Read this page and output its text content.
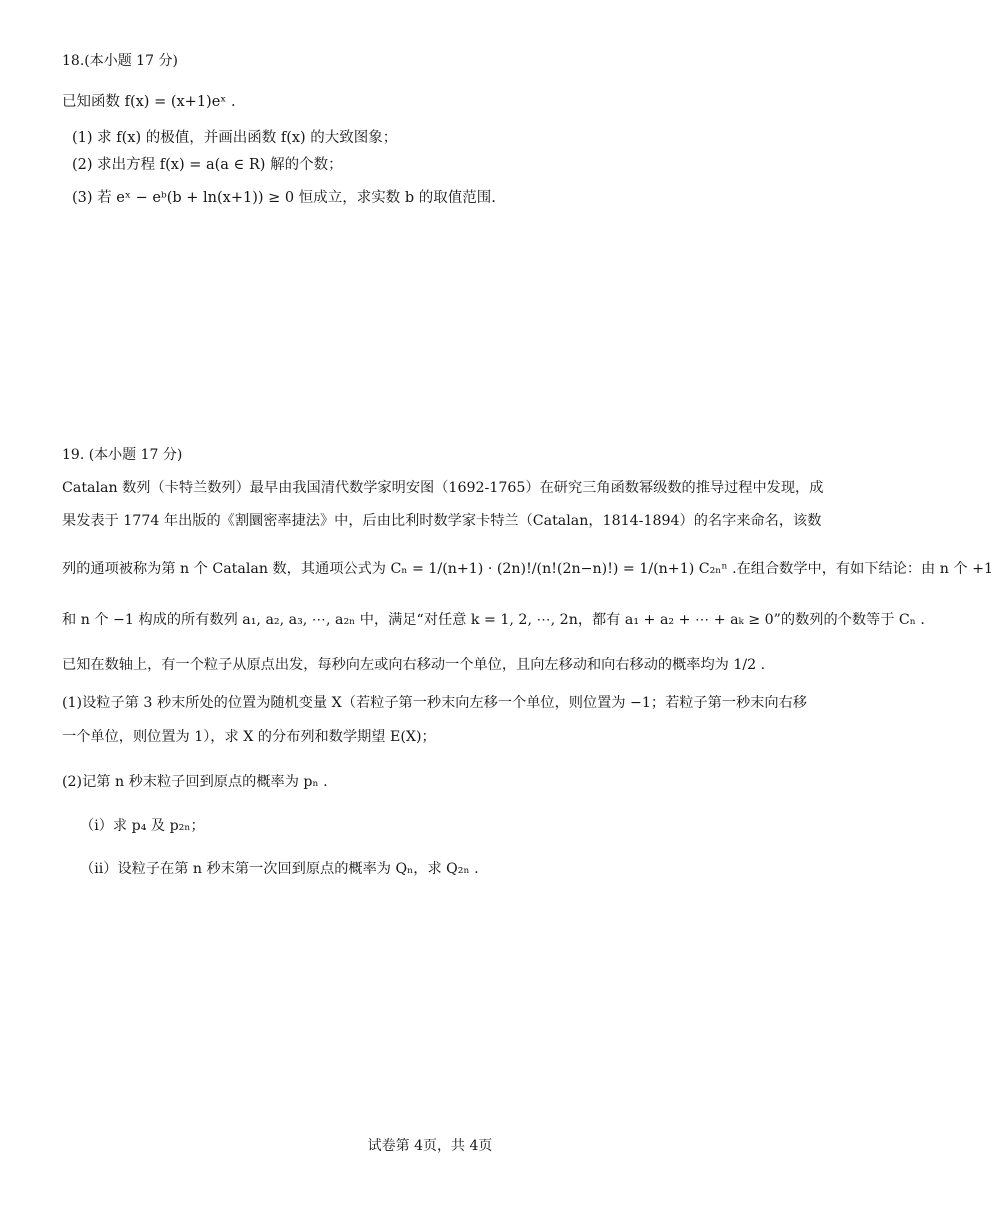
18.(本小题 17 分)
已知函数 f(x) = (x+1)eˣ .
(1) 求 f(x) 的极值，并画出函数 f(x) 的大致图象；
(2) 求出方程 f(x) = a(a ∈ R) 解的个数；
(3) 若 eˣ − eᵇ(b + ln(x+1)) ≥ 0 恒成立，求实数 b 的取值范围.
19. (本小题 17 分)
Catalan 数列（卡特兰数列）最早由我国清代数学家明安图（1692-1765）在研究三角函数幂级数的推导过程中发现，成
果发表于 1774 年出版的《割圜密率捷法》中，后由比利时数学家卡特兰（Catalan，1814-1894）的名字来命名，该数
列的通项被称为第 n 个 Catalan 数，其通项公式为 Cₙ = 1/(n+1) · (2n)!/(n!(2n−n)!) = 1/(n+1) C₂ₙⁿ .在组合数学中，有如下结论：由 n 个 +1
和 n 个 −1 构成的所有数列 a₁, a₂, a₃, ⋯, a₂ₙ 中，满足“对任意 k = 1, 2, ⋯, 2n，都有 a₁ + a₂ + ⋯ + aₖ ≥ 0”的数列的个数等于 Cₙ .
已知在数轴上，有一个粒子从原点出发，每秒向左或向右移动一个单位，且向左移动和向右移动的概率均为 1/2 .
(1)设粒子第 3 秒末所处的位置为随机变量 X（若粒子第一秒末向左移一个单位，则位置为 −1；若粒子第一秒末向右移
一个单位，则位置为 1），求 X 的分布列和数学期望 E(X)；
(2)记第 n 秒末粒子回到原点的概率为 pₙ .
（i）求 p₄ 及 p₂ₙ；
（ii）设粒子在第 n 秒末第一次回到原点的概率为 Qₙ，求 Q₂ₙ .
试卷第 4页，共 4页
